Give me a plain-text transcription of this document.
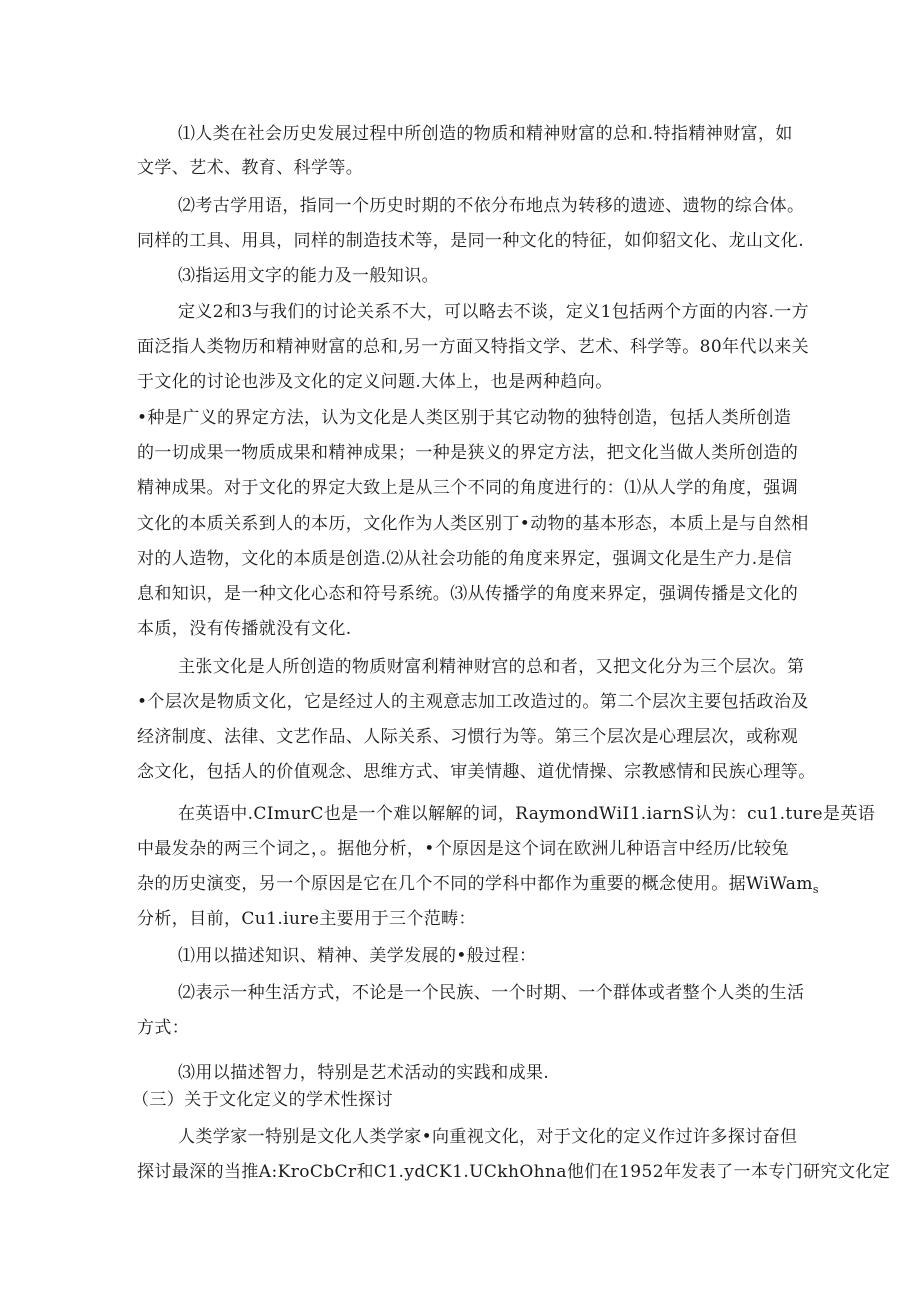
⑴人类在社会历史发展过程中所创造的物质和精神财富的总和.特指精神财富，如
文学、艺术、教育、科学等。
⑵考古学用语，指同一个历史时期的不依分布地点为转移的遗迹、遗物的综合体。
同样的工具、用具，同样的制造技术等，是同一种文化的特征，如仰貂文化、龙山文化.
⑶指运用文字的能力及一般知识。
定义2和3与我们的讨论关系不大，可以略去不谈，定义1包括两个方面的内容.一方
面泛指人类物历和精神财富的总和,另一方面又特指文学、艺术、科学等。80年代以来关
于文化的讨论也涉及文化的定义问题.大体上，也是两种趋向。
•种是广义的界定方法，认为文化是人类区别于其它动物的独特创造，包括人类所创造
的一切成果一物质成果和精神成果；一种是狭义的界定方法，把文化当做人类所创造的
精神成果。对于文化的界定大致上是从三个不同的角度进行的：⑴从人学的角度，强调
文化的本质关系到人的本历，文化作为人类区别丁•动物的基本形态，本质上是与自然相
对的人造物，文化的本质是创造.⑵从社会功能的角度来界定，强调文化是生产力.是信
息和知识，是一种文化心态和符号系统。⑶从传播学的角度来界定，强调传播是文化的
本质，没有传播就没有文化.
主张文化是人所创造的物质财富利精神财宫的总和者，又把文化分为三个层次。第
•个层次是物质文化，它是经过人的主观意志加工改造过的。第二个层次主要包括政治及
经济制度、法律、文艺作品、人际关系、习惯行为等。第三个层次是心理层次，或称观
念文化，包括人的价值观念、思维方式、审美情趣、道优情操、宗教感情和民族心理等。
在英语中.CImurC也是一个难以解解的词，RaymondWiI1.iarnS认为：cu1.ture是英语
中最发杂的两三个词之，。据他分析，•个原因是这个词在欧洲儿种语言中经历/比较兔
杂的历史演变，另一个原因是它在几个不同的学科中都作为重要的概念使用。据WiWam$_s$
分析，目前，Cu1.iure主要用于三个范畴：
⑴用以描述知识、精神、美学发展的•般过程：
⑵表示一种生活方式，不论是一个民族、一个时期、一个群体或者整个人类的生活
方式：
⑶用以描述智力，特别是艺术活动的实践和成果.
（三）关于文化定义的学术性探讨
人类学家一特别是文化人类学家•向重视文化，对于文化的定义作过许多探讨奋但
探讨最深的当推A:KroCbCr和C1.ydCK1.UCkhOhna他们在1952年发表了一本专门研究文化定
